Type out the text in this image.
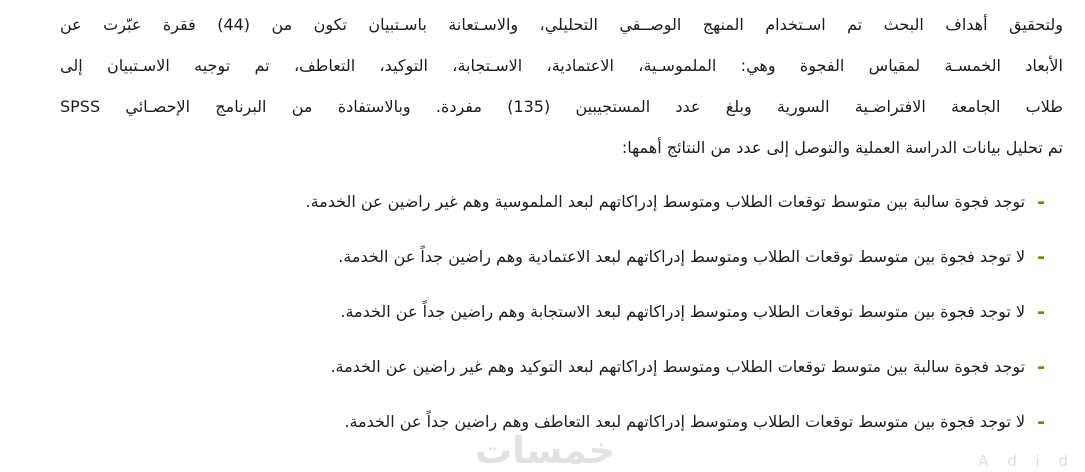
ولتحقيق أهداف البحث تم اسـتخدام المنهج الوصــفي التحليلي، والاسـتعانة باسـتبيان تكون من (44) فقرة عبّرت عن
الأبعاد الخمسـة لمقياس الفجوة وهي: الملموسـية، الاعتمادية، الاسـتجابة، التوكيد، التعاطف، تم توجيه الاسـتبيان إلى
طلاب الجامعة الافتراضـية السورية وبلغ عدد المستجيبين (135) مفردة. وبالاستفادة من البرنامج الإحصـائي SPSS
تم تحليل بيانات الدراسة العملية والتوصل إلى عدد من النتائج أهمها:
-
توجد فجوة سالبة بين متوسط توقعات الطلاب ومتوسط إدراكاتهم لبعد الملموسية وهم غير راضين عن الخدمة.
-
لا توجد فجوة بين متوسط توقعات الطلاب ومتوسط إدراكاتهم لبعد الاعتمادية وهم راضين جداً عن الخدمة.
-
لا توجد فجوة بين متوسط توقعات الطلاب ومتوسط إدراكاتهم لبعد الاستجابة وهم راضين جداً عن الخدمة.
-
توجد فجوة سالبة بين متوسط توقعات الطلاب ومتوسط إدراكاتهم لبعد التوكيد وهم غير راضين عن الخدمة.
-
لا توجد فجوة بين متوسط توقعات الطلاب ومتوسط إدراكاتهم لبعد التعاطف وهم راضين جداً عن الخدمة.
خمسات	A d i d
